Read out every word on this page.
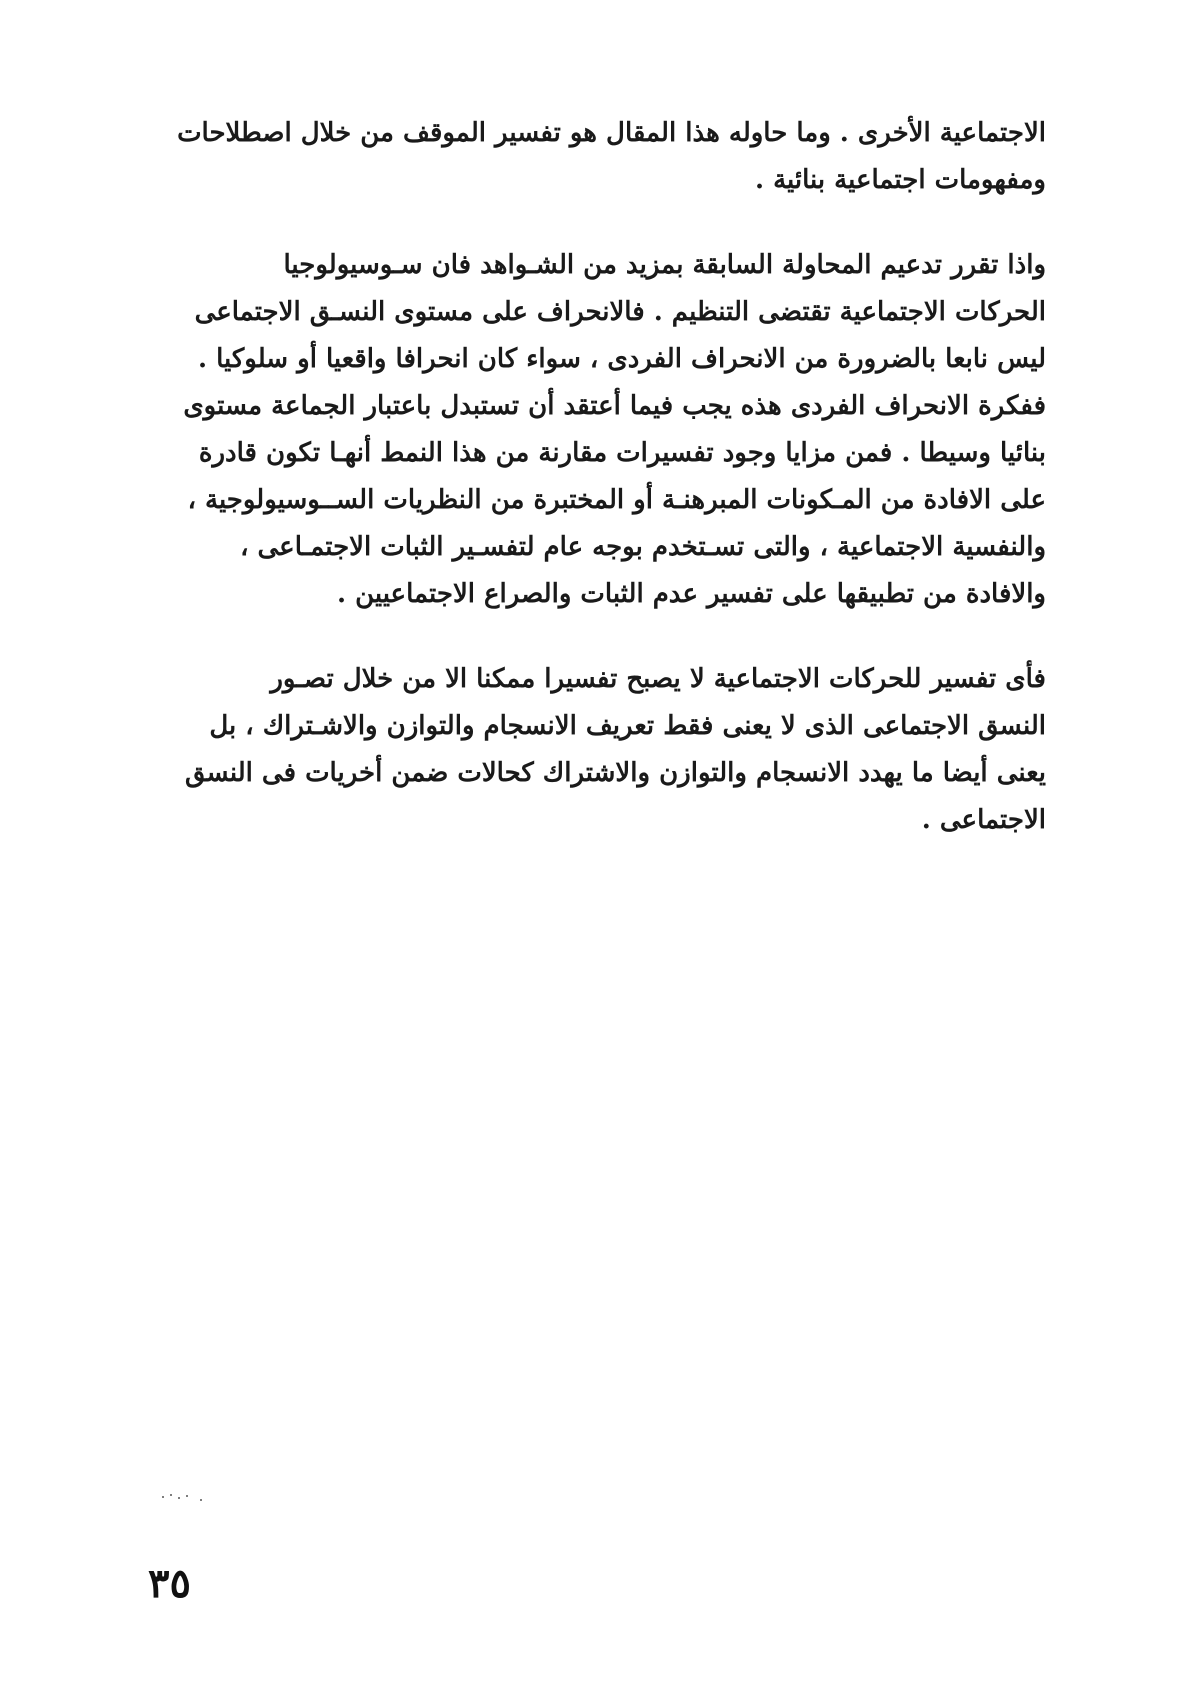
الاجتماعية الأخرى . وما حاوله هذا المقال هو تفسير الموقف من خلال اصطلاحات
ومفهومات اجتماعية بنائية .

واذا تقرر تدعيم المحاولة السابقة بمزيد من الشـواهد فان سـوسيولوجيا
الحركات الاجتماعية تقتضى التنظيم . فالانحراف على مستوى النسـق الاجتماعى
ليس نابعا بالضرورة من الانحراف الفردى ، سواء كان انحرافا واقعيا أو سلوكيا .
ففكرة الانحراف الفردى هذه يجب فيما أعتقد أن تستبدل باعتبار الجماعة مستوى
بنائيا وسيطا . فمن مزايا وجود تفسيرات مقارنة من هذا النمط أنهـا تكون قادرة
على الافادة من المـكونات المبرهنـة أو المختبرة من النظريات الســوسيولوجية ،
والنفسية الاجتماعية ، والتى تسـتخدم بوجه عام لتفسـير الثبات الاجتمـاعى ،
والافادة من تطبيقها على تفسير عدم الثبات والصراع الاجتماعيين .

فأى تفسير للحركات الاجتماعية لا يصبح تفسيرا ممكنا الا من خلال تصـور
النسق الاجتماعى الذى لا يعنى فقط تعريف الانسجام والتوازن والاشـتراك ، بل
يعنى أيضا ما يهدد الانسجام والتوازن والاشتراك كحالات ضمن أخريات فى النسق
الاجتماعى .

٣٥
